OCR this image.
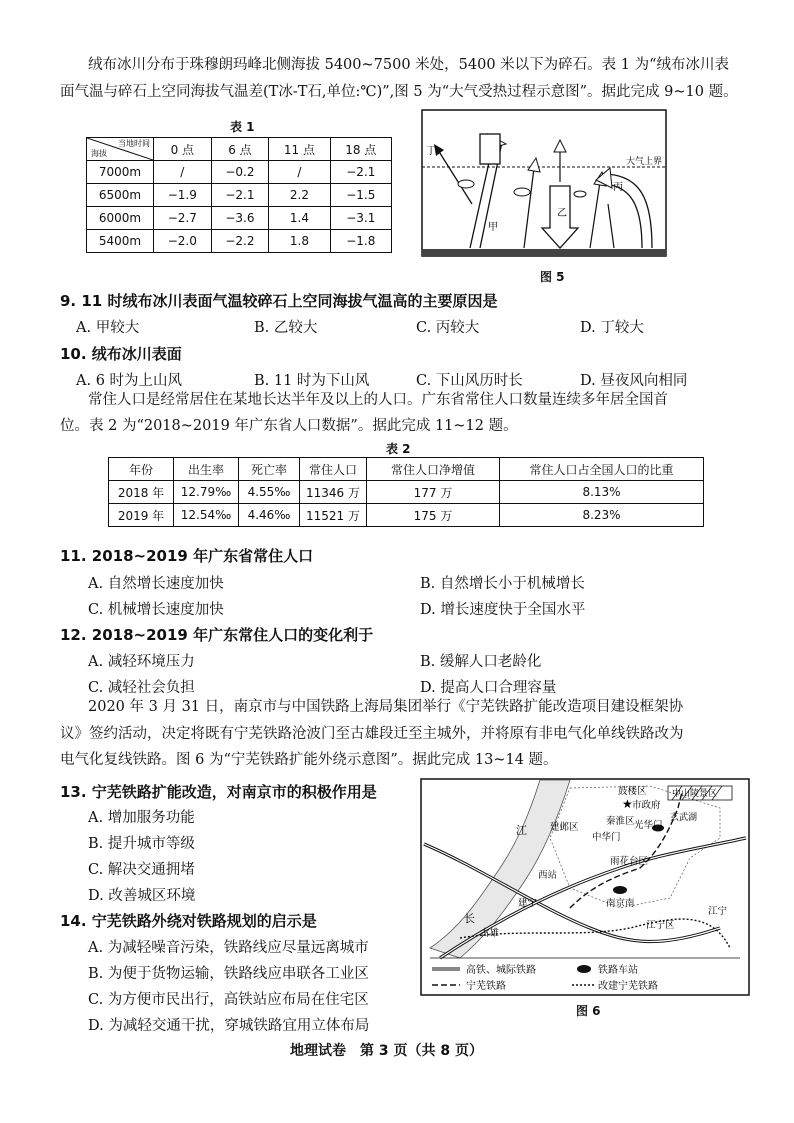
绒布冰川分布于珠穆朗玛峰北侧海拔 5400~7500 米处，5400 米以下为碎石。表 1 为“绒布冰川表
面气温与碎石上空同海拔气温差(T冰-T石,单位:℃)”,图 5 为“大气受热过程示意图”。据此完成 9~10 题。
表 1
当地时间
海拔	0 点	6 点	11 点	18 点
7000m	/	−0.2	/	−2.1
6500m	−1.9	−2.1	2.2	−1.5
6000m	−2.7	−3.6	1.4	−3.1
5400m	−2.0	−2.2	1.8	−1.8
大气上界
甲
乙
丙
丁
图 5
9. 11 时绒布冰川表面气温较碎石上空同海拔气温高的主要原因是
A. 甲较大	B. 乙较大	C. 丙较大	D. 丁较大
10. 绒布冰川表面
A. 6 时为上山风	B. 11 时为下山风	C. 下山风历时长	D. 昼夜风向相同
常住人口是经常居住在某地长达半年及以上的人口。广东省常住人口数量连续多年居全国首
位。表 2 为“2018~2019 年广东省人口数据”。据此完成 11~12 题。
表 2
年份	出生率	死亡率	常住人口	常住人口净增值	常住人口占全国人口的比重
2018 年	12.79‰	4.55‰	11346 万	177 万	8.13%
2019 年	12.54‰	4.46‰	11521 万	175 万	8.23%
11. 2018~2019 年广东省常住人口
A. 自然增长速度加快	B. 自然增长小于机械增长
C. 机械增长速度加快	D. 增长速度快于全国水平
12. 2018~2019 年广东常住人口的变化利于
A. 减轻环境压力	B. 缓解人口老龄化
C. 减轻社会负担	D. 提高人口合理容量
2020 年 3 月 31 日，南京市与中国铁路上海局集团举行《宁芜铁路扩能改造项目建设框架协
议》签约活动，决定将既有宁芜铁路沧波门至古雄段迁至主城外，并将原有非电气化单线铁路改为
电气化复线铁路。图 6 为“宁芜铁路扩能外绕示意图”。据此完成 13~14 题。
13. 宁芜铁路扩能改造，对南京市的积极作用是
A. 增加服务功能
B. 提升城市等级
C. 解决交通拥堵
D. 改善城区环境
14. 宁芜铁路外绕对铁路规划的启示是
A. 为减轻噪音污染，铁路线应尽量远离城市
B. 为便于货物运输，铁路线应串联各工业区
C. 为方便市民出行，高铁站应布局在住宅区
D. 为减轻交通干扰，穿城铁路宜用立体布局
★
鼓楼区
市政府
中山陵景区
秦淮区	玄武湖
建邺区
中华门
光华门
雨花台区
南京南
江宁区
江宁
古雄
建宁
西站
长
江
高铁、城际铁路	铁路车站
宁芜铁路	改建宁芜铁路
图 6
地理试卷　第 3 页（共 8 页）
